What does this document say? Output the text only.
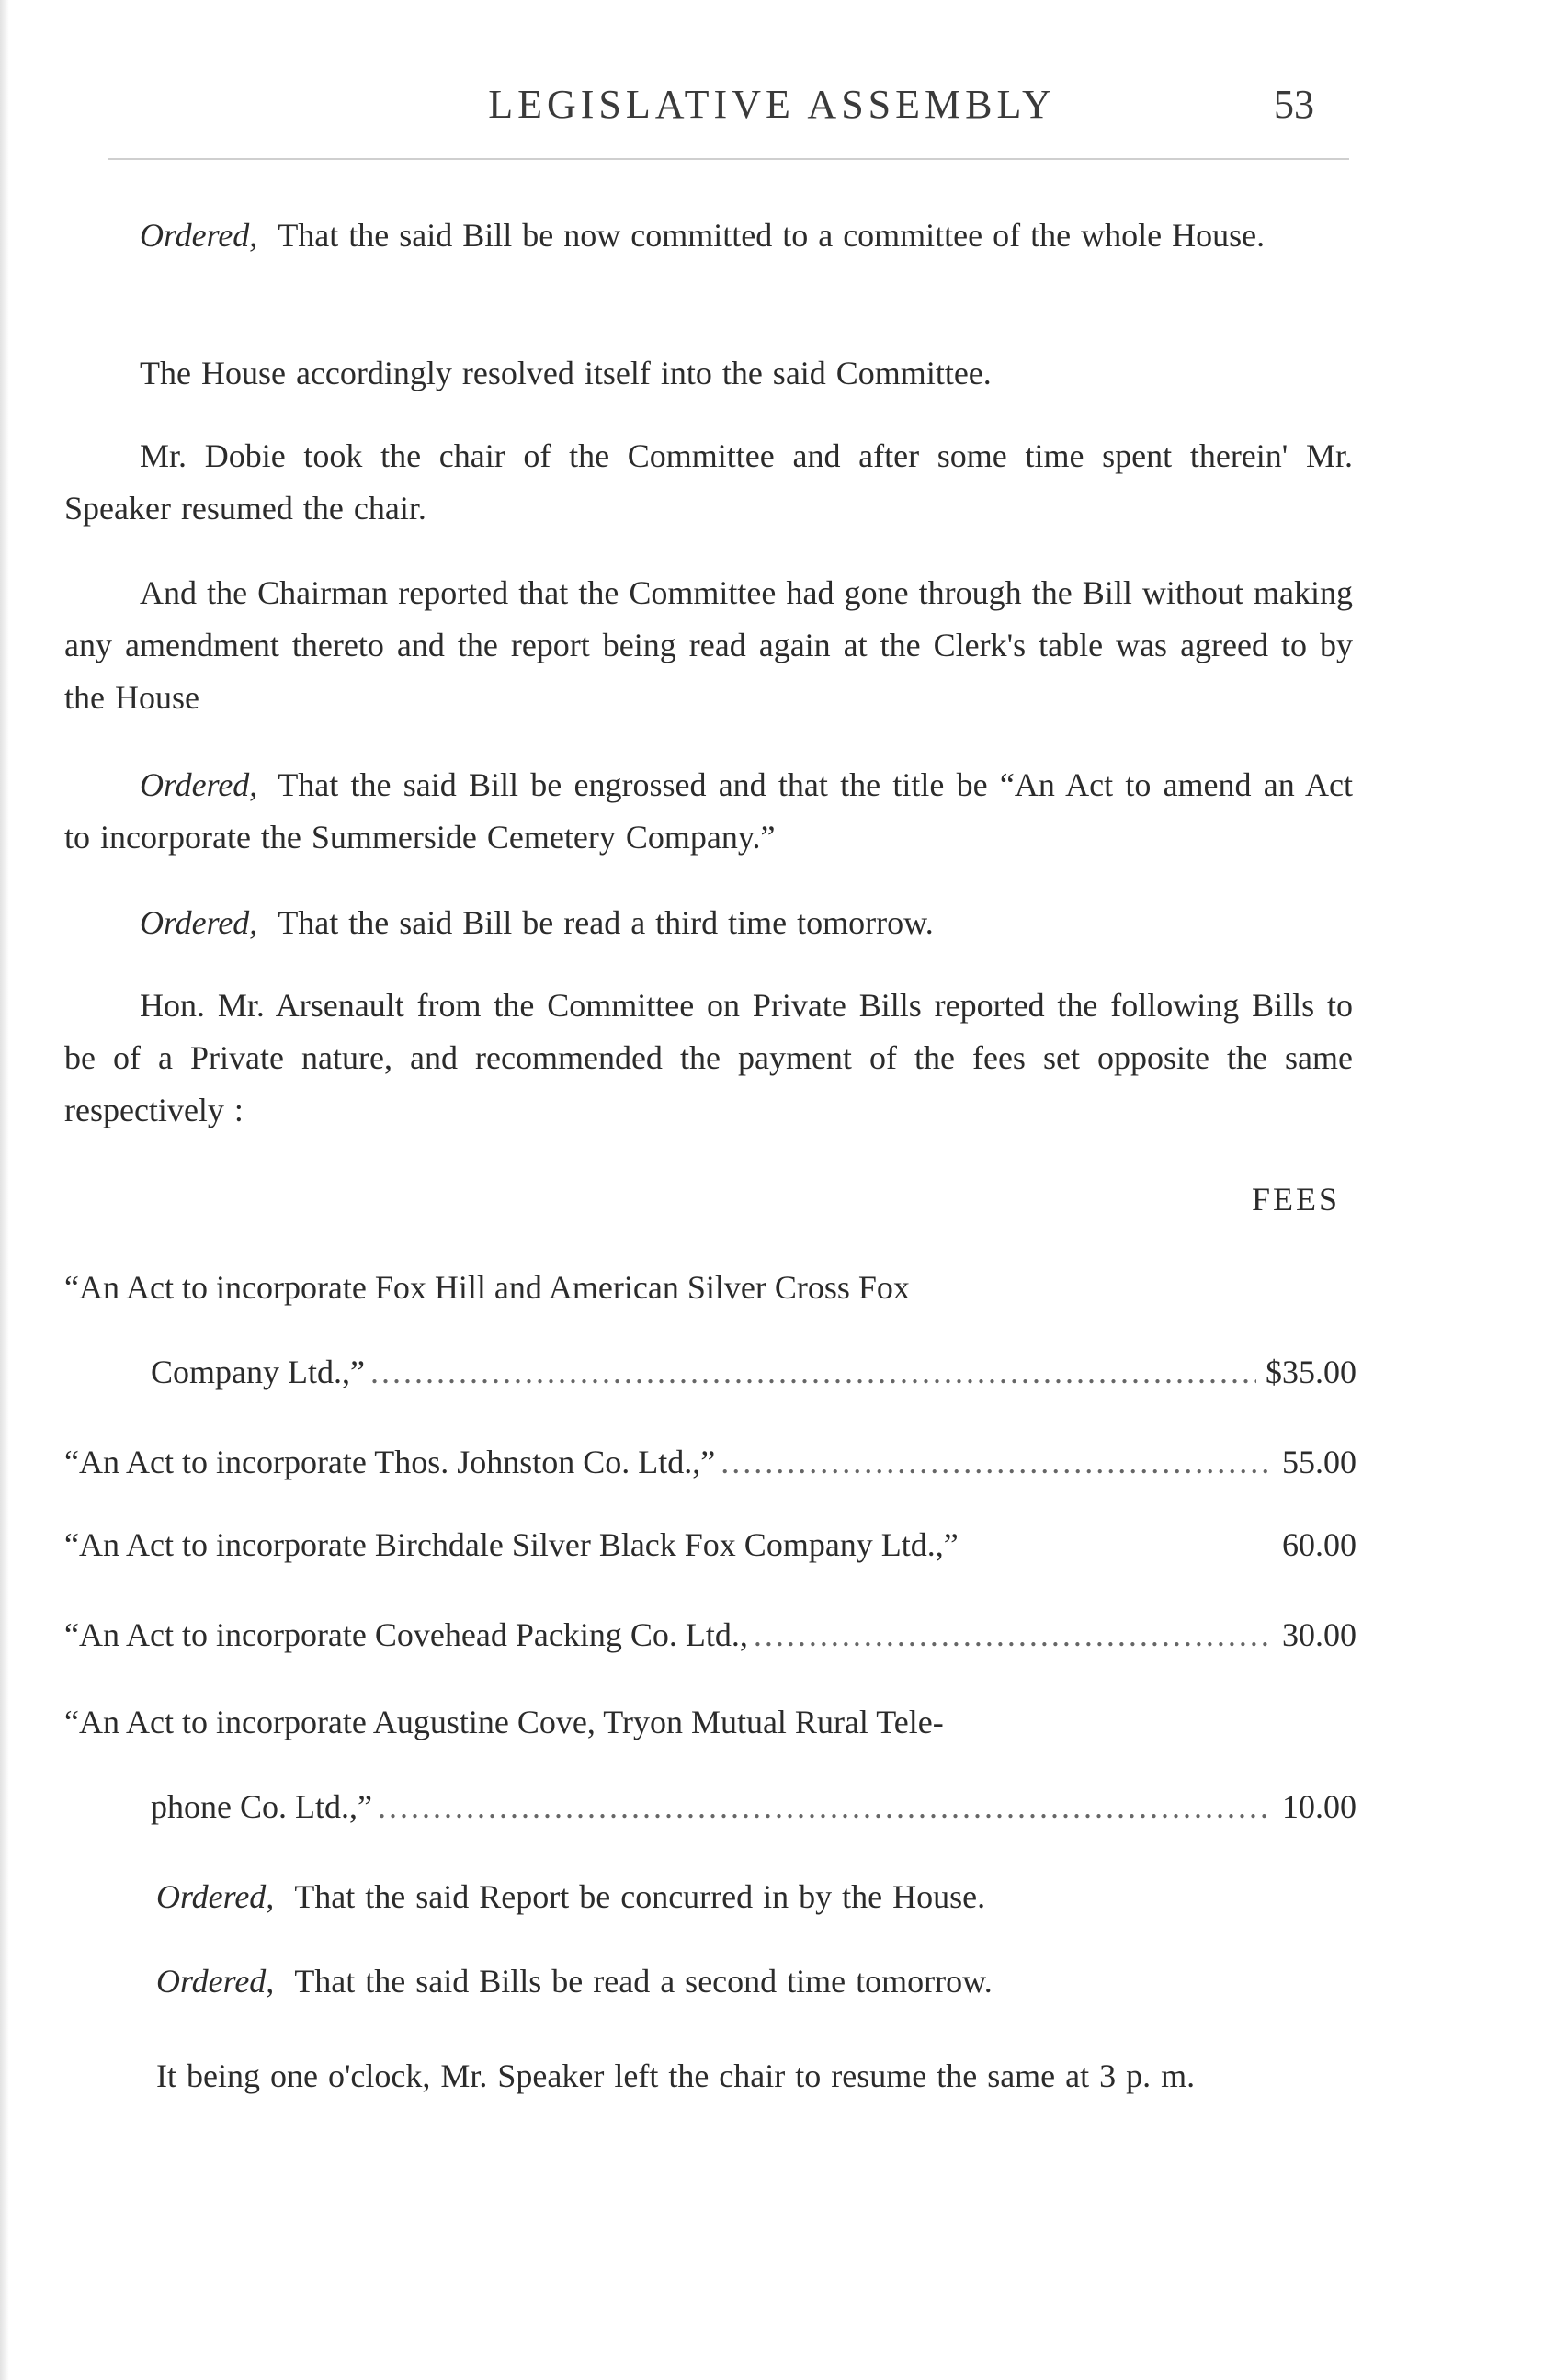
LEGISLATIVE ASSEMBLY	53

Ordered, That the said Bill be now committed to a committee of the whole House.

The House accordingly resolved itself into the said Committee.

Mr. Dobie took the chair of the Committee and after some time spent therein' Mr. Speaker resumed the chair.

And the Chairman reported that the Committee had gone through the Bill without making any amendment thereto and the report being read again at the Clerk's table was agreed to by the House

Ordered, That the said Bill be engrossed and that the title be “An Act to amend an Act to incorporate the Summerside Cemetery Company.”

Ordered, That the said Bill be read a third time tomorrow.

Hon. Mr. Arsenault from the Committee on Private Bills reported the following Bills to be of a Private nature, and recommended the payment of the fees set opposite the same respectively :

FEES
“An Act to incorporate Fox Hill and American Silver Cross Fox
Company Ltd.,” .....	$35.00
“An Act to incorporate Thos. Johnston Co. Ltd.,” .....	55.00
“An Act to incorporate Birchdale Silver Black Fox Company Ltd.,”	60.00
“An Act to incorporate Covehead Packing Co. Ltd., .....	30.00
“An Act to incorporate Augustine Cove, Tryon Mutual Rural Tele-
phone Co. Ltd.,” .....	10.00

Ordered, That the said Report be concurred in by the House.

Ordered, That the said Bills be read a second time tomorrow.

It being one o'clock, Mr. Speaker left the chair to resume the same at 3 p. m.
